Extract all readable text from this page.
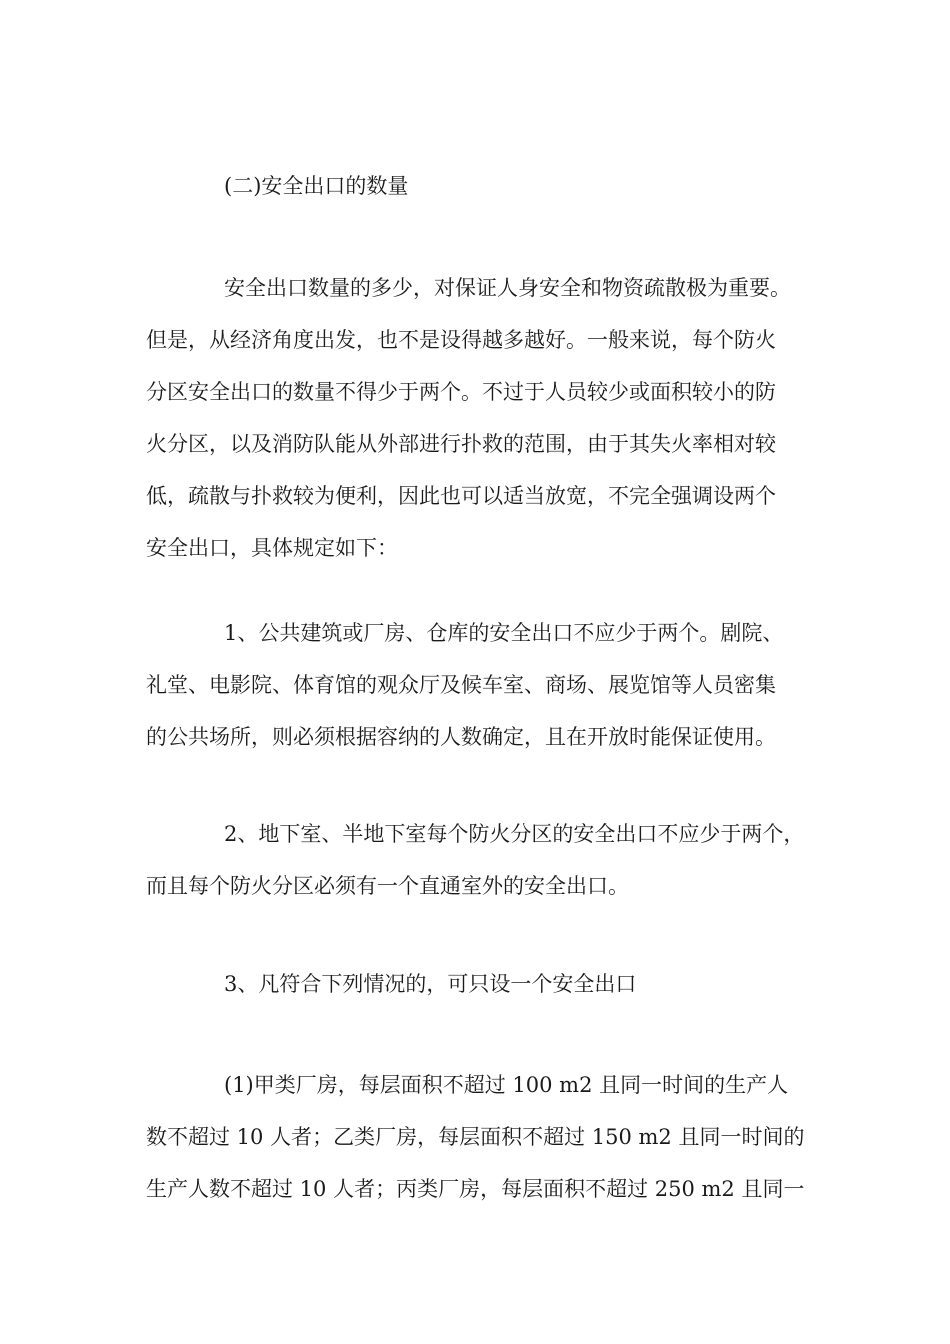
(二)安全出口的数量

安全出口数量的多少，对保证人身安全和物资疏散极为重要。
但是，从经济角度出发，也不是设得越多越好。一般来说，每个防火
分区安全出口的数量不得少于两个。不过于人员较少或面积较小的防
火分区，以及消防队能从外部进行扑救的范围，由于其失火率相对较
低，疏散与扑救较为便利，因此也可以适当放宽，不完全强调设两个
安全出口，具体规定如下：

1、公共建筑或厂房、仓库的安全出口不应少于两个。剧院、
礼堂、电影院、体育馆的观众厅及候车室、商场、展览馆等人员密集
的公共场所，则必须根据容纳的人数确定，且在开放时能保证使用。

2、地下室、半地下室每个防火分区的安全出口不应少于两个，
而且每个防火分区必须有一个直通室外的安全出口。

3、凡符合下列情况的，可只设一个安全出口

(1)甲类厂房，每层面积不超过 100 m2 且同一时间的生产人
数不超过 10 人者；乙类厂房，每层面积不超过 150 m2 且同一时间的
生产人数不超过 10 人者；丙类厂房，每层面积不超过 250 m2 且同一
